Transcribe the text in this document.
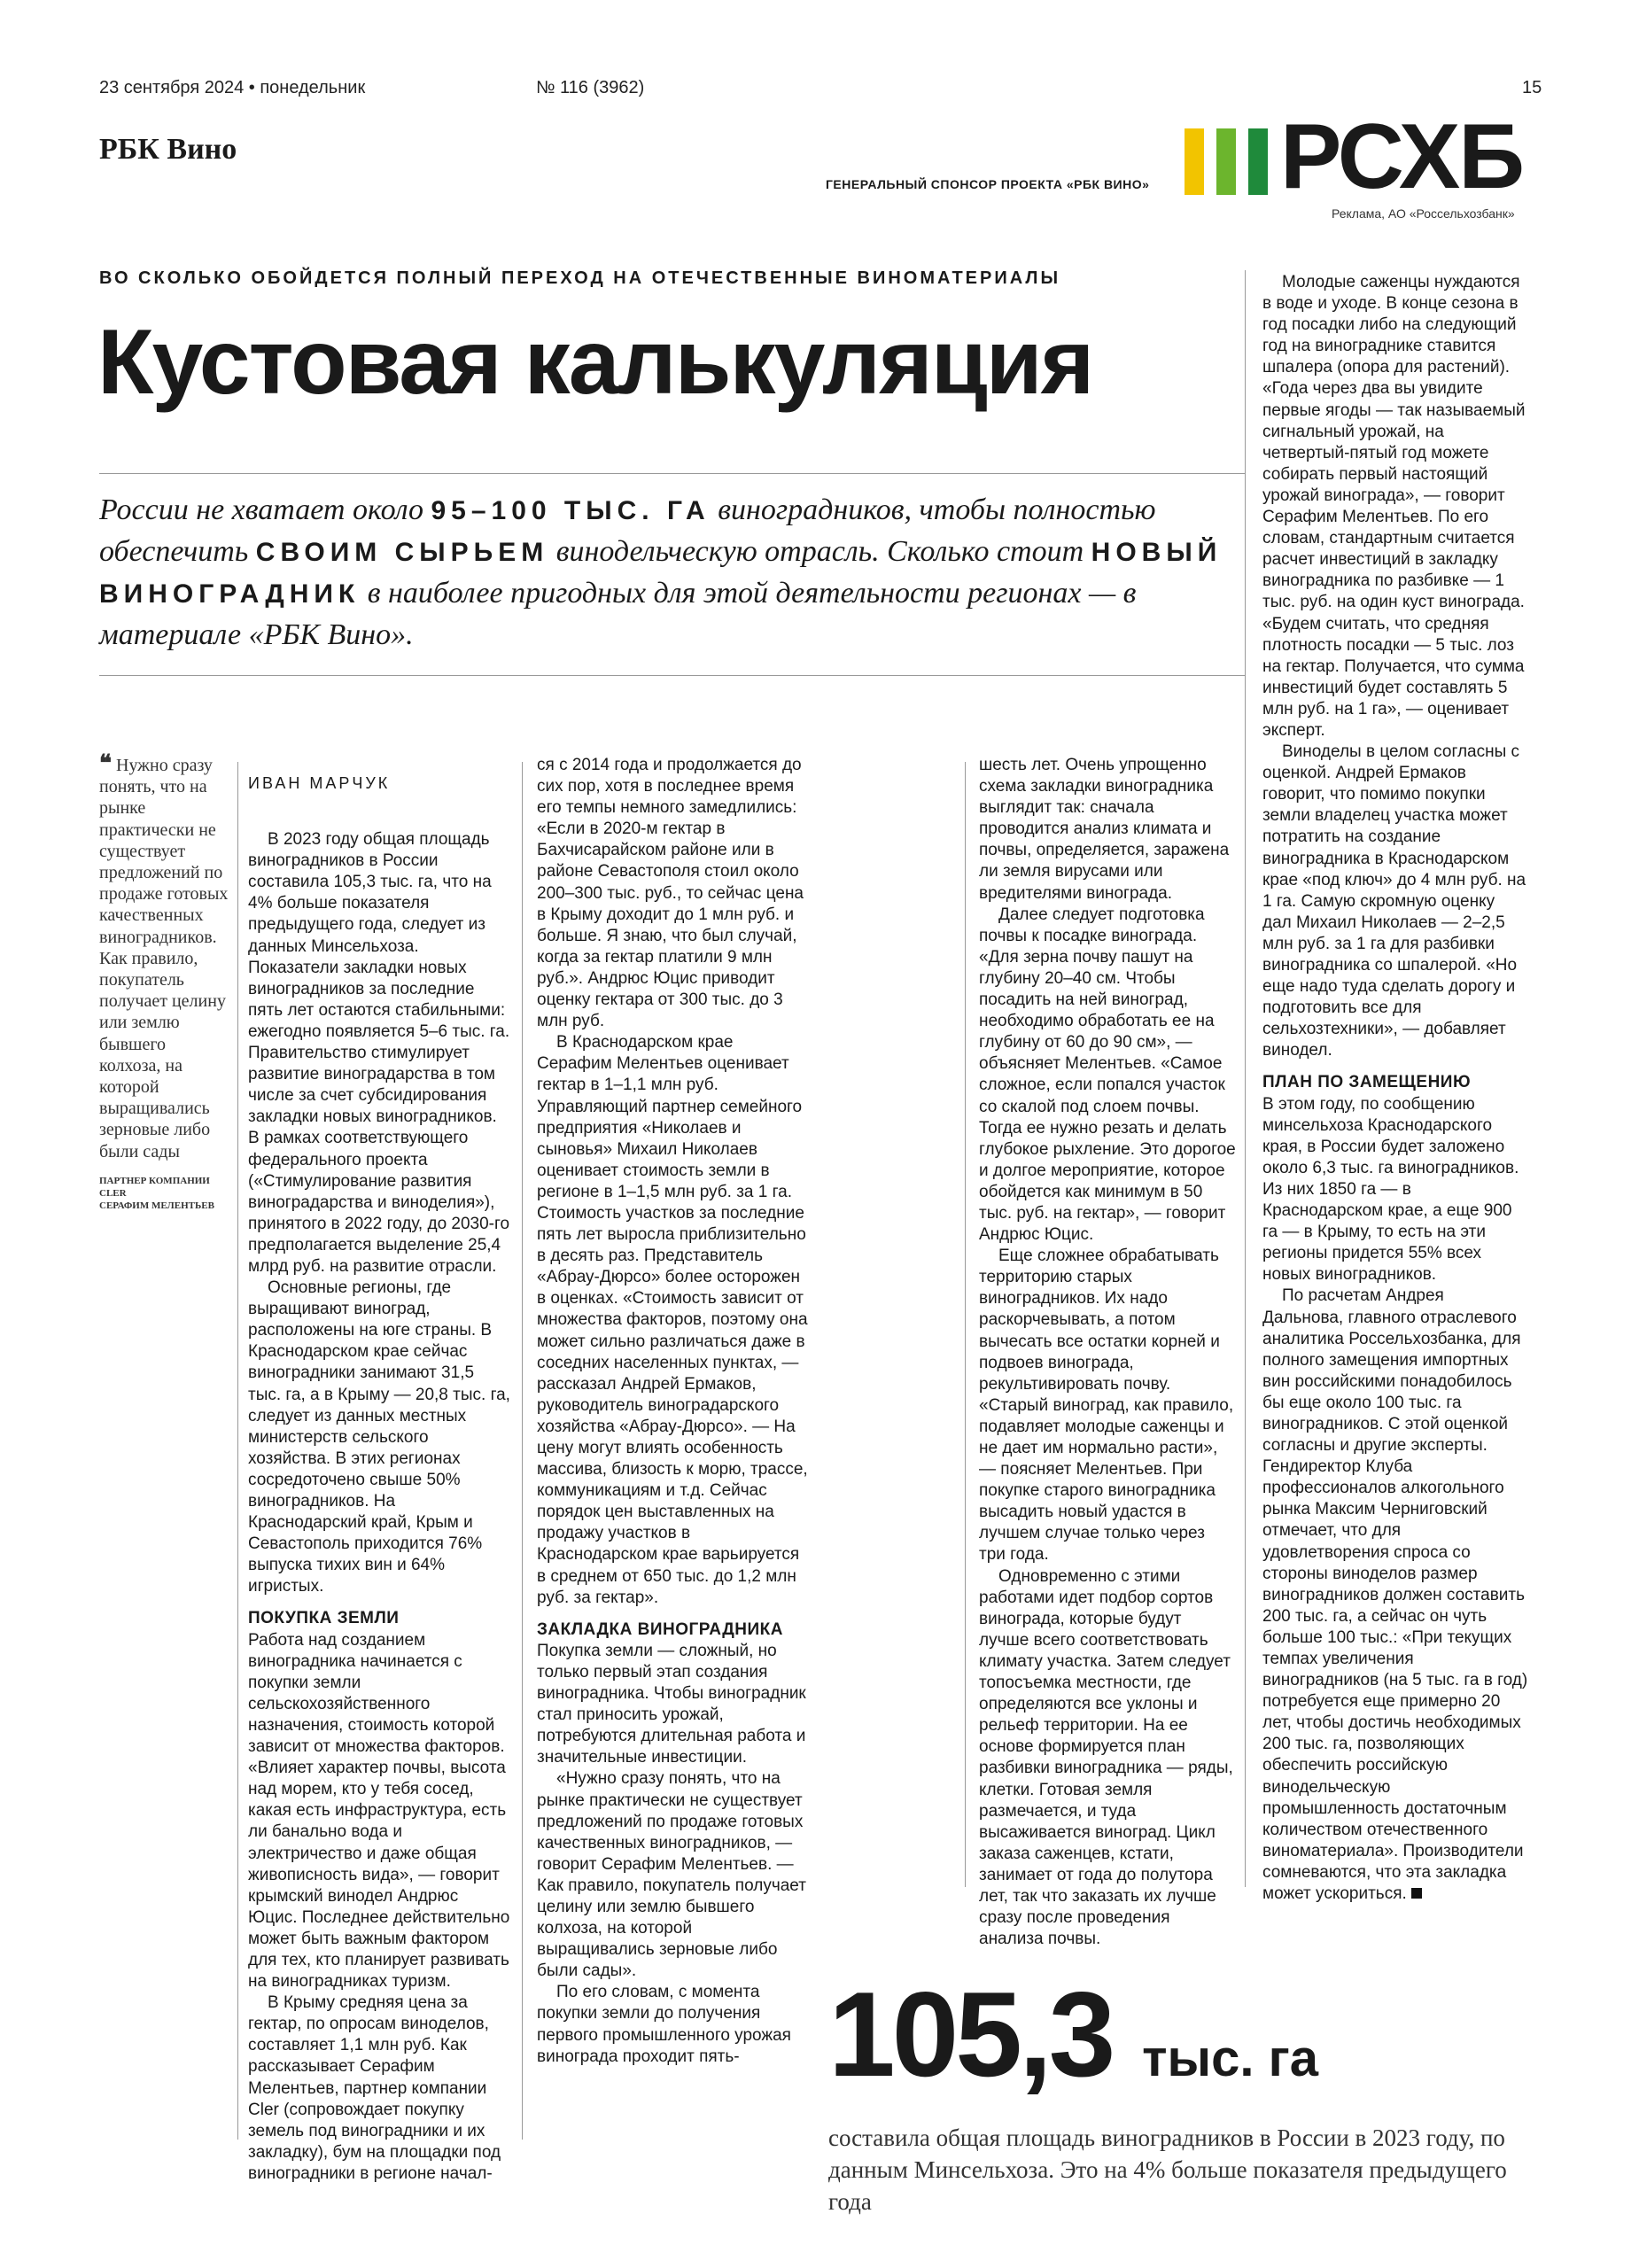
23 сентября 2024 • понедельник	№ 116 (3962)	15
РБК Вино
ГЕНЕРАЛЬНЫЙ СПОНСОР ПРОЕКТА «РБК ВИНО» РСХБ
Реклама, АО «Россельхозбанк»
ВО СКОЛЬКО ОБОЙДЕТСЯ ПОЛНЫЙ ПЕРЕХОД НА ОТЕЧЕСТВЕННЫЕ ВИНОМАТЕРИАЛЫ
Кустовая калькуляция
России не хватает около 95–100 ТЫС. ГА виноградников, чтобы полностью обеспечить СВОИМ СЫРЬЕМ винодельческую отрасль. Сколько стоит НОВЫЙ ВИНОГРАДНИК в наиболее пригодных для этой деятельности регионах — в материале «РБК Вино».
❝ Нужно сразу понять, что на рынке практически не существует предложений по продаже готовых качественных виноградников. Как правило, покупатель получает целину или землю бывшего колхоза, на которой выращивались зерновые либо были сады
ПАРТНЕР КОМПАНИИ CLER
СЕРАФИМ МЕЛЕНТЬЕВ
ИВАН МАРЧУК

В 2023 году общая площадь виноградников в России составила 105,3 тыс. га, что на 4% больше показателя предыдущего года, следует из данных Минсельхоза. Показатели закладки новых виноградников за последние пять лет остаются стабильными: ежегодно появляется 5–6 тыс. га. Правительство стимулирует развитие виноградарства в том числе за счет субсидирования закладки новых виноградников. В рамках соответствующего федерального проекта («Стимулирование развития виноградарства и виноделия»), принятого в 2022 году, до 2030-го предполагается выделение 25,4 млрд руб. на развитие отрасли.

Основные регионы, где выращивают виноград, расположены на юге страны. В Краснодарском крае сейчас виноградники занимают 31,5 тыс. га, а в Крыму — 20,8 тыс. га, следует из данных местных министерств сельского хозяйства. В этих регионах сосредоточено свыше 50% виноградников. На Краснодарский край, Крым и Севастополь приходится 76% выпуска тихих вин и 64% игристых.

ПОКУПКА ЗЕМЛИ

Работа над созданием виноградника начинается с покупки земли сельскохозяйственного назначения, стоимость которой зависит от множества факторов. «Влияет характер почвы, высота над морем, кто у тебя сосед, какая есть инфраструктура, есть ли банально вода и электричество и даже общая живописность вида», — говорит крымский винодел Андрюс Юцис. Последнее действительно может быть важным фактором для тех, кто планирует развивать на виноградниках туризм.

В Крыму средняя цена за гектар, по опросам виноделов, составляет 1,1 млн руб. Как рассказывает Серафим Мелентьев, партнер компании Cler (сопровождает покупку земель под виноградники и их закладку), бум на площадки под виноградники в регионе начал-

ся с 2014 года и продолжается до сих пор, хотя в последнее время его темпы немного замедлились: «Если в 2020-м гектар в Бахчисарайском районе или в районе Севастополя стоил около 200–300 тыс. руб., то сейчас цена в Крыму доходит до 1 млн руб. и больше. Я знаю, что был случай, когда за гектар платили 9 млн руб.». Андрюс Юцис приводит оценку гектара от 300 тыс. до 3 млн руб.

В Краснодарском крае Серафим Мелентьев оценивает гектар в 1–1,1 млн руб. Управляющий партнер семейного предприятия «Николаев и сыновья» Михаил Николаев оценивает стоимость земли в регионе в 1–1,5 млн руб. за 1 га. Стоимость участков за последние пять лет выросла приблизительно в десять раз. Представитель «Абрау-Дюрсо» более осторожен в оценках. «Стоимость зависит от множества факторов, поэтому она может сильно различаться даже в соседних населенных пунктах, — рассказал Андрей Ермаков, руководитель виноградарского хозяйства «Абрау-Дюрсо». — На цену могут влиять особенность массива, близость к морю, трассе, коммуникациям и т.д. Сейчас порядок цен выставленных на продажу участков в Краснодарском крае варьируется в среднем от 650 тыс. до 1,2 млн руб. за гектар».

ЗАКЛАДКА ВИНОГРАДНИКА

Покупка земли — сложный, но только первый этап создания виноградника. Чтобы виноградник стал приносить урожай, потребуются длительная работа и значительные инвестиции.

«Нужно сразу понять, что на рынке практически не существует предложений по продаже готовых качественных виноградников, — говорит Серафим Мелентьев. — Как правило, покупатель получает целину или землю бывшего колхоза, на которой выращивались зерновые либо были сады».

По его словам, с момента покупки земли до получения первого промышленного урожая винограда проходит пять-

шесть лет. Очень упрощенно схема закладки виноградника выглядит так: сначала проводится анализ климата и почвы, определяется, заражена ли земля вирусами или вредителями винограда.

Далее следует подготовка почвы к посадке винограда. «Для зерна почву пашут на глубину 20–40 см. Чтобы посадить на ней виноград, необходимо обработать ее на глубину от 60 до 90 см», — объясняет Мелентьев. «Самое сложное, если попался участок со скалой под слоем почвы. Тогда ее нужно резать и делать глубокое рыхление. Это дорогое и долгое мероприятие, которое обойдется как минимум в 50 тыс. руб. на гектар», — говорит Андрюс Юцис.

Еще сложнее обрабатывать территорию старых виноградников. Их надо раскорчевывать, а потом вычесать все остатки корней и подвоев винограда, рекультивировать почву. «Старый виноград, как правило, подавляет молодые саженцы и не дает им нормально расти», — поясняет Мелентьев. При покупке старого виноградника высадить новый удастся в лучшем случае только через три года.

Одновременно с этими работами идет подбор сортов винограда, которые будут лучше всего соответствовать климату участка. Затем следует топосъемка местности, где определяются все уклоны и рельеф территории. На ее основе формируется план разбивки виноградника — ряды, клетки. Готовая земля размечается, и туда высаживается виноград. Цикл заказа саженцев, кстати, занимает от года до полутора лет, так что заказать их лучше сразу после проведения анализа почвы.

Молодые саженцы нуждаются в воде и уходе. В конце сезона в год посадки либо на следующий год на винограднике ставится шпалера (опора для растений). «Года через два вы увидите первые ягоды — так называемый сигнальный урожай, на четвертый-пятый год можете собирать первый настоящий урожай винограда», — говорит Серафим Мелентьев. По его словам, стандартным считается расчет инвестиций в закладку виноградника по разбивке — 1 тыс. руб. на один куст винограда. «Будем считать, что средняя плотность посадки — 5 тыс. лоз на гектар. Получается, что сумма инвестиций будет составлять 5 млн руб. на 1 га», — оценивает эксперт.

Виноделы в целом согласны с оценкой. Андрей Ермаков говорит, что помимо покупки земли владелец участка может потратить на создание виноградника в Краснодарском крае «под ключ» до 4 млн руб. на 1 га. Самую скромную оценку дал Михаил Николаев — 2–2,5 млн руб. за 1 га для разбивки виноградника со шпалерой. «Но еще надо туда сделать дорогу и подготовить все для сельхозтехники», — добавляет винодел.

ПЛАН ПО ЗАМЕЩЕНИЮ

В этом году, по сообщению минсельхоза Краснодарского края, в России будет заложено около 6,3 тыс. га виноградников. Из них 1850 га — в Краснодарском крае, а еще 900 га — в Крыму, то есть на эти регионы придется 55% всех новых виноградников.

По расчетам Андрея Дальнова, главного отраслевого аналитика Россельхозбанка, для полного замещения импортных вин российскими понадобилось бы еще около 100 тыс. га виноградников. С этой оценкой согласны и другие эксперты. Гендиректор Клуба профессионалов алкогольного рынка Максим Черниговский отмечает, что для удовлетворения спроса со стороны виноделов размер виноградников должен составить 200 тыс. га, а сейчас он чуть больше 100 тыс.: «При текущих темпах увеличения виноградников (на 5 тыс. га в год) потребуется еще примерно 20 лет, чтобы достичь необходимых 200 тыс. га, позволяющих обеспечить российскую винодельческую промышленность достаточным количеством отечественного виноматериала». Производители сомневаются, что эта закладка может ускориться.

105,3 тыс. га
составила общая площадь виноградников в России в 2023 году, по данным Минсельхоза. Это на 4% больше показателя предыдущего года
